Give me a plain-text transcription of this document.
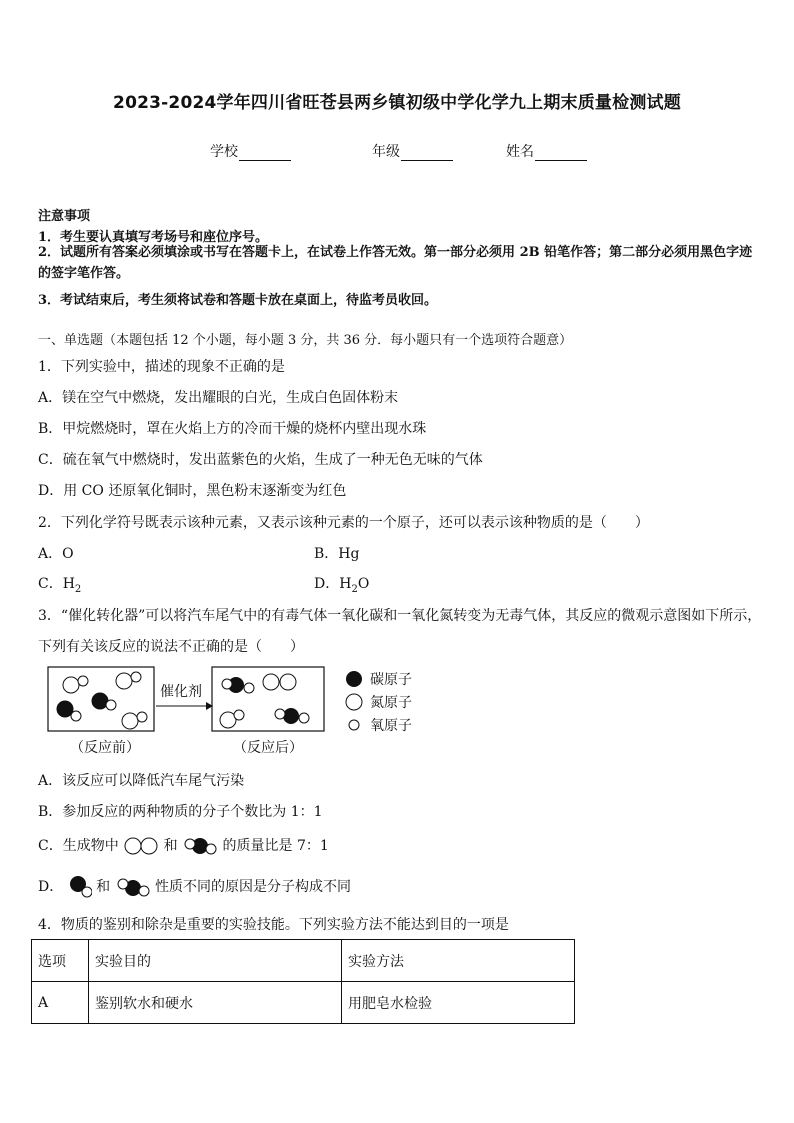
2023-2024学年四川省旺苍县两乡镇初级中学化学九上期末质量检测试题
学校	年级	姓名
注意事项
1．考生要认真填写考场号和座位序号。
2．试题所有答案必须填涂或书写在答题卡上，在试卷上作答无效。第一部分必须用 2B 铅笔作答；第二部分必须用黑色字迹的签字笔作答。
3．考试结束后，考生须将试卷和答题卡放在桌面上，待监考员收回。
一、单选题（本题包括 12 个小题，每小题 3 分，共 36 分．每小题只有一个选项符合题意）
1．下列实验中，描述的现象不正确的是
A．镁在空气中燃烧，发出耀眼的白光，生成白色固体粉末
B．甲烷燃烧时，罩在火焰上方的冷而干燥的烧杯内壁出现水珠
C．硫在氧气中燃烧时，发出蓝紫色的火焰，生成了一种无色无味的气体
D．用 CO 还原氧化铜时，黑色粉末逐渐变为红色
2．下列化学符号既表示该种元素，又表示该种元素的一个原子，还可以表示该种物质的是（　　）
A．O	B．Hg
C．$H_2$	D．$H_2O$
3．“催化转化器”可以将汽车尾气中的有毒气体一氧化碳和一氧化氮转变为无毒气体，其反应的微观示意图如下所示，
下列有关该反应的说法不正确的是（　　）
催化剂
（反应前）	（反应后）
碳原子
氮原子
氧原子
A．该反应可以降低汽车尾气污染
B．参加反应的两种物质的分子个数比为 1：1
C．生成物中	和	的质量比是 7：1
D． 和	性质不同的原因是分子构成不同
4．物质的鉴别和除杂是重要的实验技能。下列实验方法不能达到目的一项是
选项	实验目的	实验方法
A	鉴别软水和硬水	用肥皂水检验
